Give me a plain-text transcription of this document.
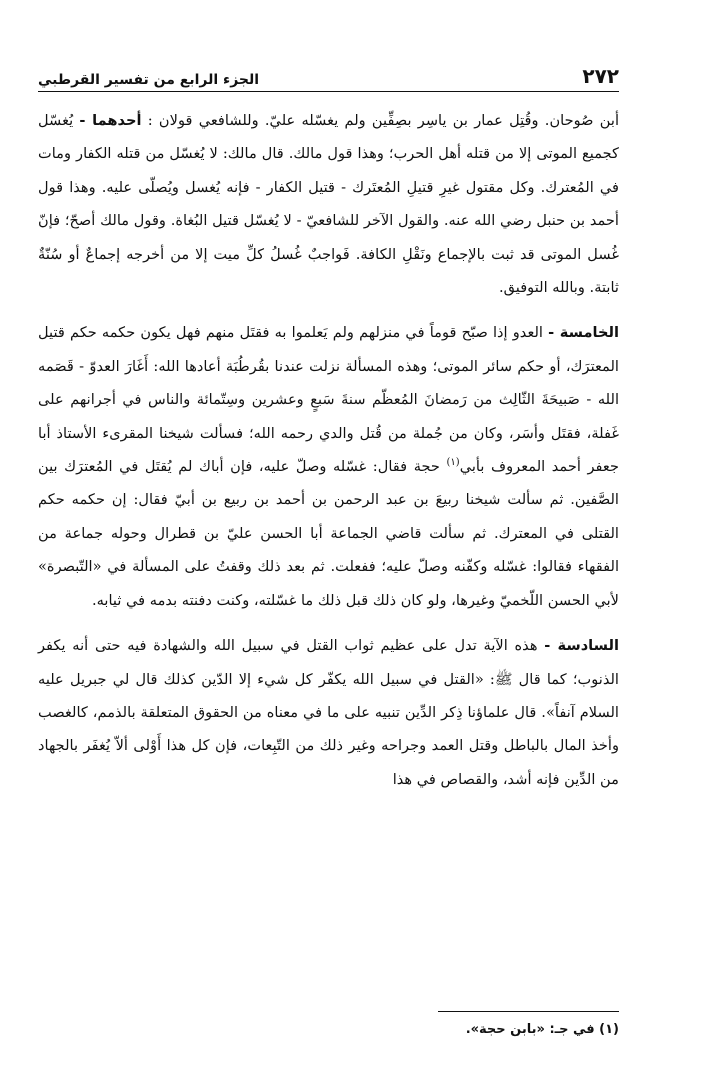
٢٧٢
الجزء الرابع من تفسير القرطبي

أبن صُوحان. وقُتِل عمار بن ياسِر بصِفِّين ولم يغسّله عليّ. وللشافعي قولان : أحدهما - يُغسّل كجميع الموتى إلا من قتله أهل الحرب؛ وهذا قول مالك. قال مالك: لا يُغسّل من قتله الكفار ومات في المُعترك. وكل مقتول غيرِ قتيلِ المُعتَرك - قتيل الكفار - فإنه يُغسل ويُصلّى عليه. وهذا قول أحمد بن حنبل رضي الله عنه. والقول الآخر للشافعيّ - لا يُغسّل قتيل البُغاة. وقول مالك أصحّ؛ فإنّ غُسل الموتى قد ثبت بالإجماع ونَقْلِ الكافة. فَواجبٌ غُسلُ كلِّ ميت إلا من أخرجه إجماعٌ أو سُنّةٌ ثابتة. وبالله التوفيق.

الخامسة - العدو إذا صبّح قوماً في منزلهم ولم يَعلموا به فقتَل منهم فهل يكون حكمه حكم قتيل المعترَك، أو حكم سائر الموتى؛ وهذه المسألة نزلت عندنا بقُرطُبَة أعادها الله: أَغَارَ العدوّ - قَصَمه الله - صَبيحَةَ الثّالِث من رَمضانَ المُعظّم سنةَ سَبعٍ وعشرين وسِتّمائة والناس في أجرانهم على غَفلة، فقتَل وأسَر، وكان من جُملة من قُتل والدي رحمه الله؛ فسألت شيخنا المقرىء الأستاذ أبا جعفر أحمد المعروف بأبي$^{(١)}$ حجة فقال: غسّله وصلّ عليه، فإن أباك لم يُقتَل في المُعترَك بين الصَّفين. ثم سألت شيخنا ربيعَ بن عبد الرحمن بن أحمد بن ربيع بن أبيّ فقال: إن حكمه حكم القتلى في المعترك. ثم سألت قاضي الجماعة أبا الحسن عليّ بن قطرال وحوله جماعة من الفقهاء فقالوا: غسّله وكفّنه وصلّ عليه؛ ففعلت. ثم بعد ذلك وقفتُ على المسألة في «التّبصرة» لأبي الحسن اللّخميّ وغيرها، ولو كان ذلك قبل ذلك ما غسّلته، وكنت دفنته بدمه في ثيابه.

السادسة - هذه الآية تدل على عظيم ثواب القتل في سبيل الله والشهادة فيه حتى أنه يكفر الذنوب؛ كما قال ﷺ: «القتل في سبيل الله يكفّر كل شيء إلا الدّين كذلك قال لي جبريل عليه السلام آنفاً». قال علماؤنا ذِكر الدِّين تنبيه على ما في معناه من الحقوق المتعلقة بالذمم، كالغصب وأخذ المال بالباطل وقتل العمد وجراحه وغير ذلك من التّبِعات، فإن كل هذا أَوْلى ألاّ يُغفَر بالجهاد من الدِّين فإنه أشد، والقصاص في هذا

(١) في جـ: «بابن حجة».
